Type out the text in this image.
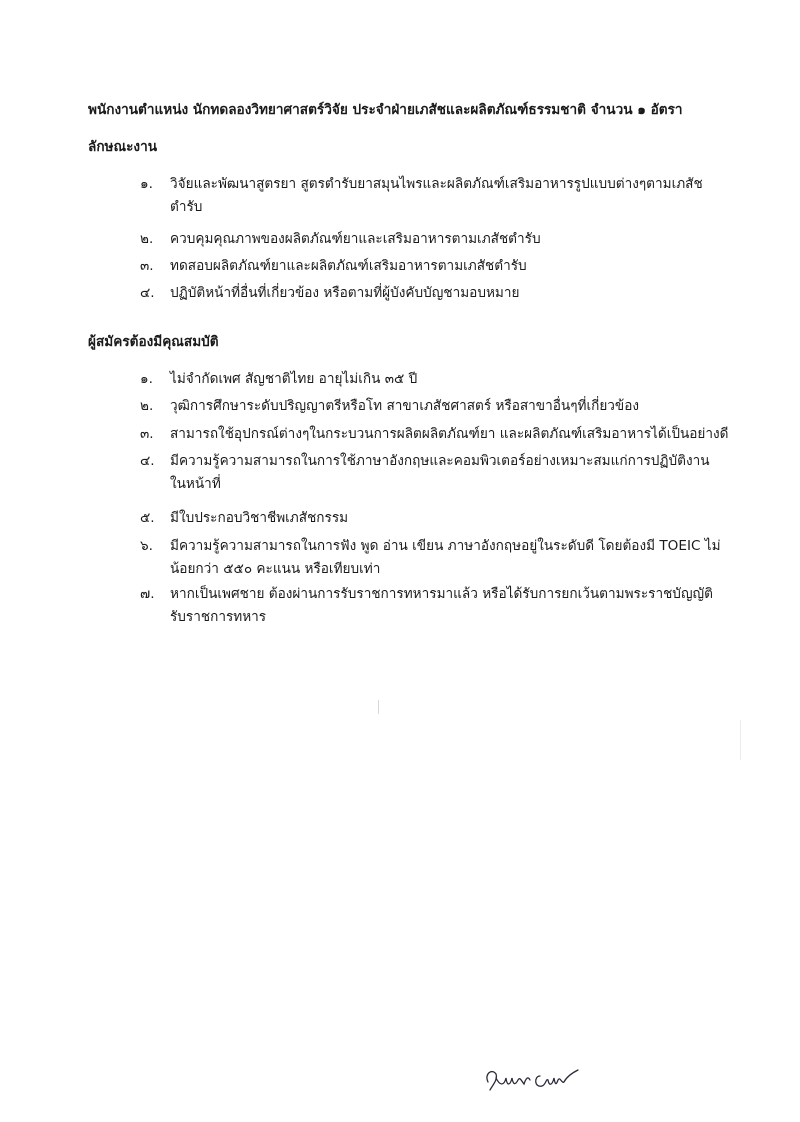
พนักงานตำแหน่ง นักทดลองวิทยาศาสตร์วิจัย ประจำฝ่ายเภสัชและผลิตภัณฑ์ธรรมชาติ จำนวน ๑ อัตรา
ลักษณะงาน
๑. วิจัยและพัฒนาสูตรยา สูตรตำรับยาสมุนไพรและผลิตภัณฑ์เสริมอาหารรูปแบบต่างๆตามเภสัช
ตำรับ
๒. ควบคุมคุณภาพของผลิตภัณฑ์ยาและเสริมอาหารตามเภสัชตำรับ
๓. ทดสอบผลิตภัณฑ์ยาและผลิตภัณฑ์เสริมอาหารตามเภสัชตำรับ
๔. ปฏิบัติหน้าที่อื่นที่เกี่ยวข้อง หรือตามที่ผู้บังคับบัญชามอบหมาย
ผู้สมัครต้องมีคุณสมบัติ
๑. ไม่จำกัดเพศ สัญชาติไทย อายุไม่เกิน ๓๕ ปี
๒. วุฒิการศึกษาระดับปริญญาตรีหรือโท สาขาเภสัชศาสตร์ หรือสาขาอื่นๆที่เกี่ยวข้อง
๓. สามารถใช้อุปกรณ์ต่างๆในกระบวนการผลิตผลิตภัณฑ์ยา และผลิตภัณฑ์เสริมอาหารได้เป็นอย่างดี
๔. มีความรู้ความสามารถในการใช้ภาษาอังกฤษและคอมพิวเตอร์อย่างเหมาะสมแก่การปฏิบัติงาน
ในหน้าที่
๕. มีใบประกอบวิชาชีพเภสัชกรรม
๖. มีความรู้ความสามารถในการฟัง พูด อ่าน เขียน ภาษาอังกฤษอยู่ในระดับดี โดยต้องมี TOEIC ไม่
น้อยกว่า ๕๕๐ คะแนน หรือเทียบเท่า
๗. หากเป็นเพศชาย ต้องผ่านการรับราชการทหารมาแล้ว หรือได้รับการยกเว้นตามพระราชบัญญัติ
รับราชการทหาร
